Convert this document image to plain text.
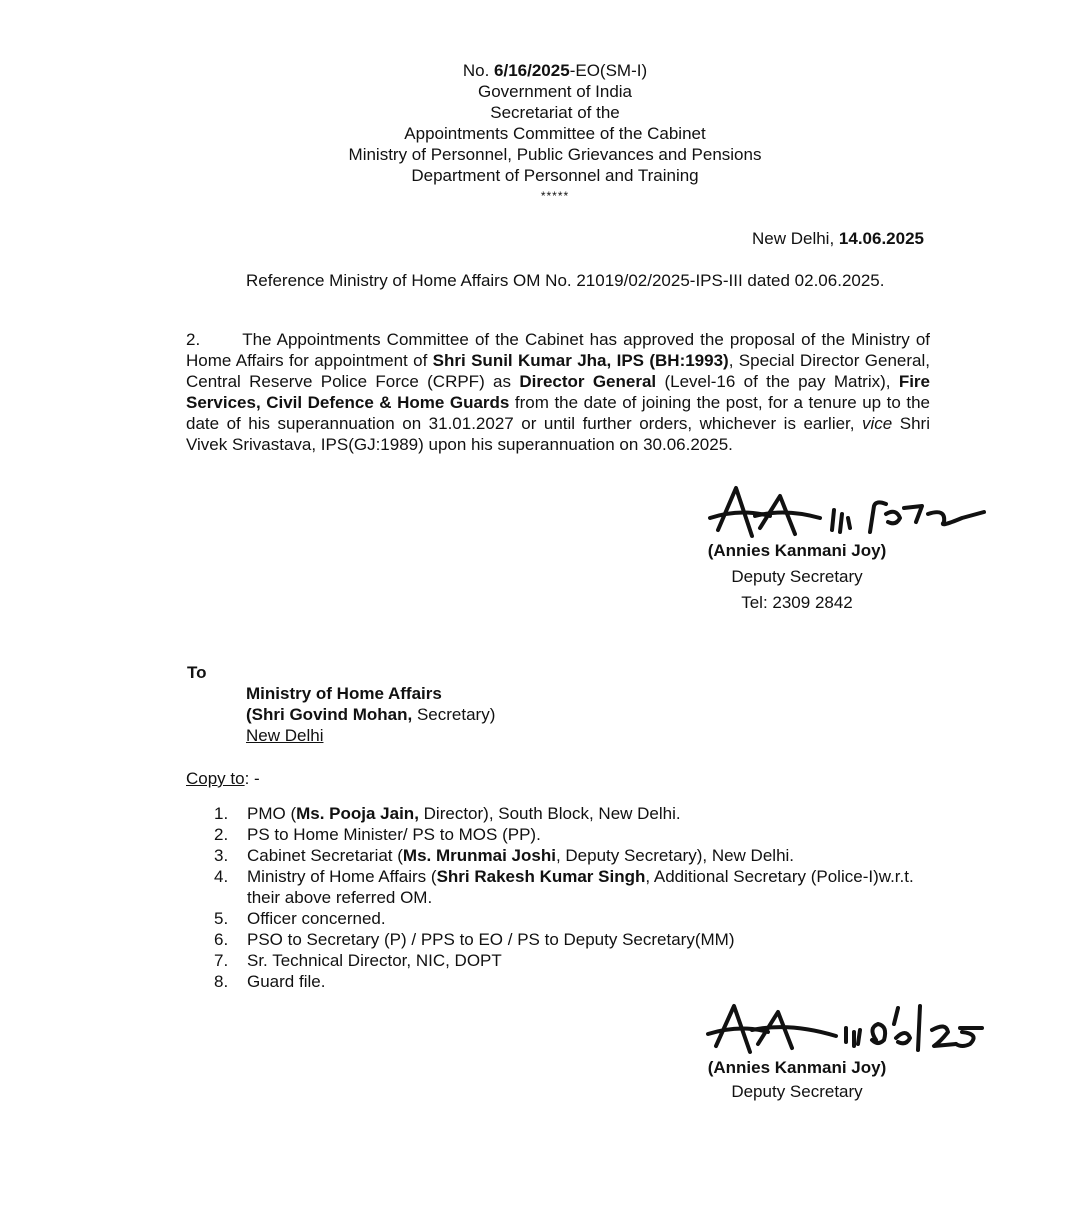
No. 6/16/2025-EO(SM-I)
Government of India
Secretariat of the
Appointments Committee of the Cabinet
Ministry of Personnel, Public Grievances and Pensions
Department of Personnel and Training
*****
New Delhi, 14.06.2025
Reference Ministry of Home Affairs OM No. 21019/02/2025-IPS-III dated 02.06.2025.
2. The Appointments Committee of the Cabinet has approved the proposal of the Ministry of Home Affairs for appointment of Shri Sunil Kumar Jha, IPS (BH:1993), Special Director General, Central Reserve Police Force (CRPF) as Director General (Level-16 of the pay Matrix), Fire Services, Civil Defence & Home Guards from the date of joining the post, for a tenure up to the date of his superannuation on 31.01.2027 or until further orders, whichever is earlier, vice Shri Vivek Srivastava, IPS(GJ:1989) upon his superannuation on 30.06.2025.
(Annies Kanmani Joy)
Deputy Secretary
Tel: 2309 2842
To
Ministry of Home Affairs
(Shri Govind Mohan, Secretary)
New Delhi
Copy to: -
1.	PMO (Ms. Pooja Jain, Director), South Block, New Delhi.
2.	PS to Home Minister/ PS to MOS (PP).
3.	Cabinet Secretariat (Ms. Mrunmai Joshi, Deputy Secretary), New Delhi.
4.	Ministry of Home Affairs (Shri Rakesh Kumar Singh, Additional Secretary (Police-I)w.r.t. their above referred OM.
5.	Officer concerned.
6.	PSO to Secretary (P) / PPS to EO / PS to Deputy Secretary(MM)
7.	Sr. Technical Director, NIC, DOPT
8.	Guard file.
(Annies Kanmani Joy)
Deputy Secretary
